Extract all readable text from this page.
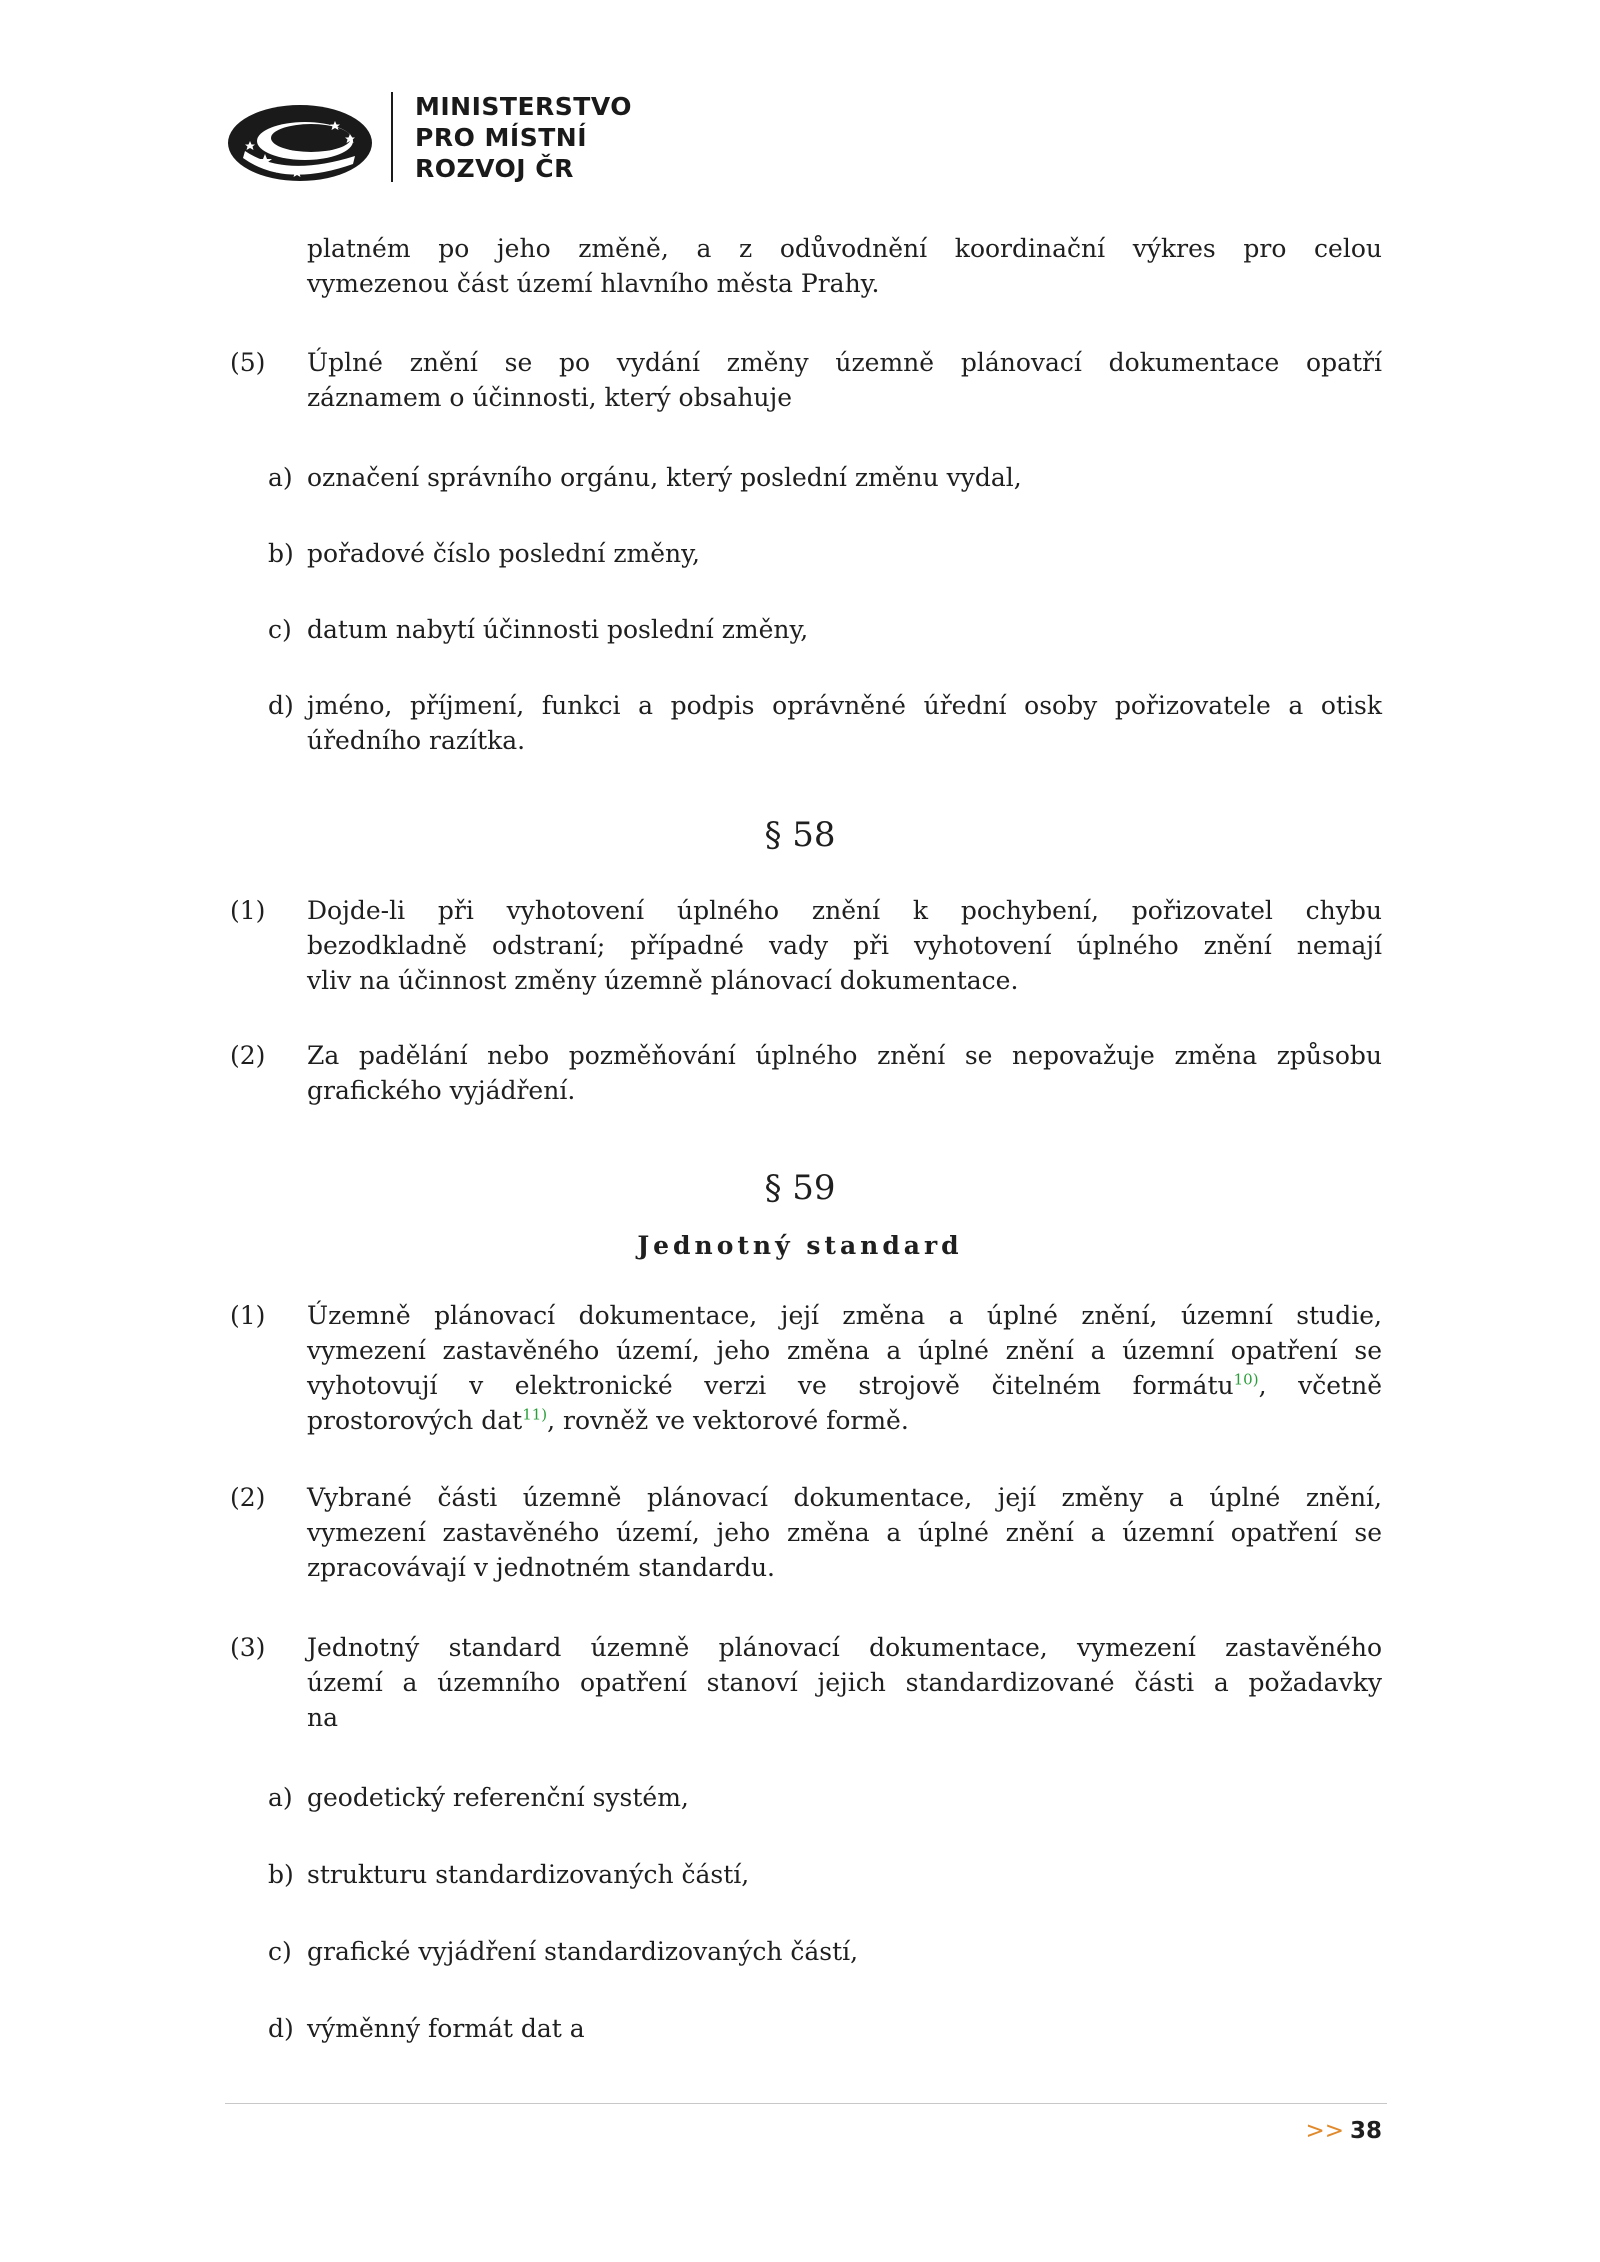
MINISTERSTVO
PRO MÍSTNÍ
ROZVOJ ČR
platném po jeho změně, a z odůvodnění koordinační výkres pro celou
vymezenou část území hlavního města Prahy.
(5) Úplné znění se po vydání změny územně plánovací dokumentace opatří
záznamem o účinnosti, který obsahuje
a) označení správního orgánu, který poslední změnu vydal,
b) pořadové číslo poslední změny,
c) datum nabytí účinnosti poslední změny,
d) jméno, příjmení, funkci a podpis oprávněné úřední osoby pořizovatele a otisk
úředního razítka.
§ 58
(1) Dojde-li při vyhotovení úplného znění k pochybení, pořizovatel chybu
bezodkladně odstraní; případné vady při vyhotovení úplného znění nemají
vliv na účinnost změny územně plánovací dokumentace.
(2) Za padělání nebo pozměňování úplného znění se nepovažuje změna způsobu
grafického vyjádření.
§ 59
Jednotný standard
(1) Územně plánovací dokumentace, její změna a úplné znění, územní studie,
vymezení zastavěného území, jeho změna a úplné znění a územní opatření se
vyhotovují v elektronické verzi ve strojově čitelném formátu$^{10)}$, včetně
prostorových dat$^{11)}$, rovněž ve vektorové formě.
(2) Vybrané části územně plánovací dokumentace, její změny a úplné znění,
vymezení zastavěného území, jeho změna a úplné znění a územní opatření se
zpracovávají v jednotném standardu.
(3) Jednotný standard územně plánovací dokumentace, vymezení zastavěného
území a územního opatření stanoví jejich standardizované části a požadavky
na
a) geodetický referenční systém,
b) strukturu standardizovaných částí,
c) grafické vyjádření standardizovaných částí,
d) výměnný formát dat a
>> 38
